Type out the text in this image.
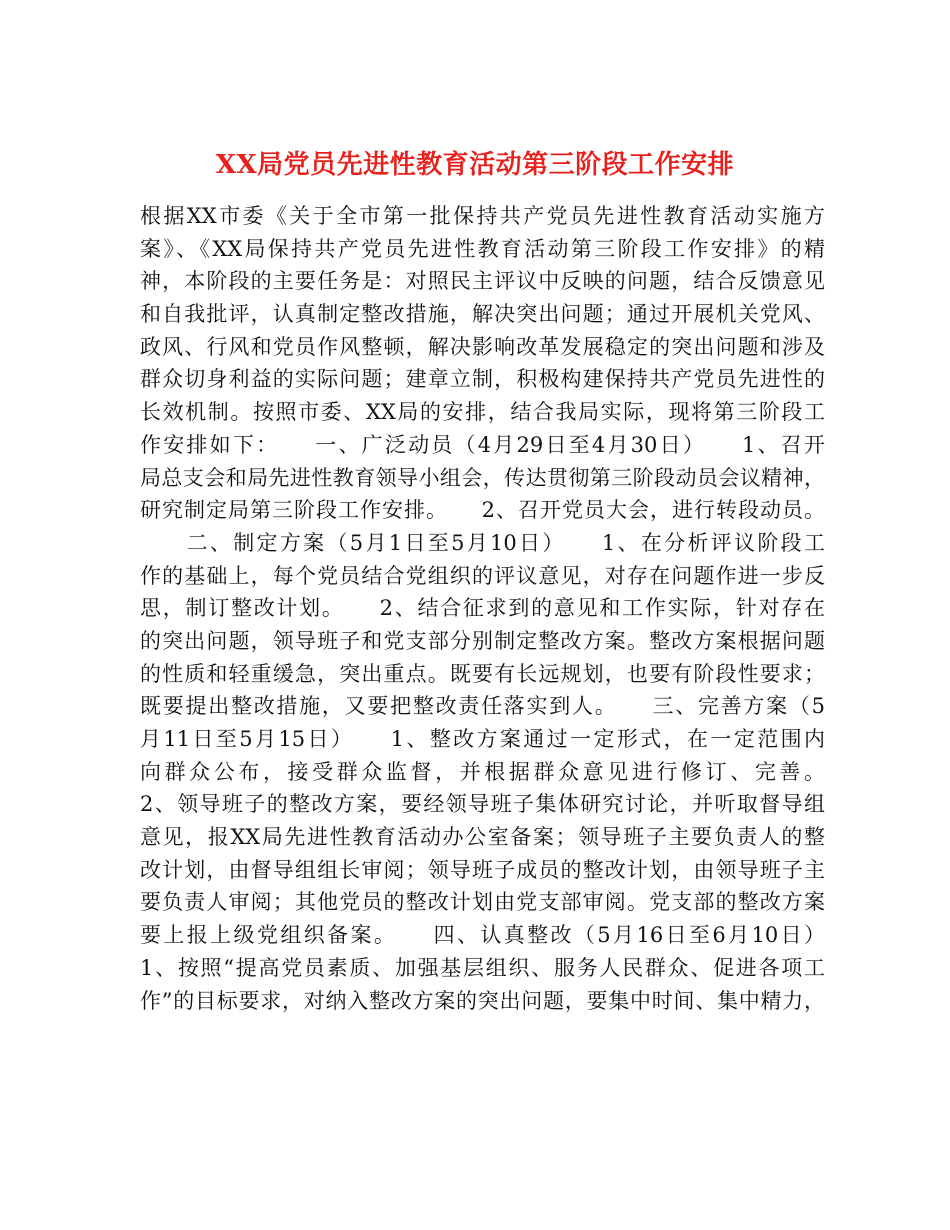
XX局党员先进性教育活动第三阶段工作安排
根据XX市委《关于全市第一批保持共产党员先进性教育活动实施方
案》、《XX局保持共产党员先进性教育活动第三阶段工作安排》的精
神，本阶段的主要任务是：对照民主评议中反映的问题，结合反馈意见
和自我批评，认真制定整改措施，解决突出问题；通过开展机关党风、
政风、行风和党员作风整顿，解决影响改革发展稳定的突出问题和涉及
群众切身利益的实际问题；建章立制，积极构建保持共产党员先进性的
长效机制。按照市委、XX局的安排，结合我局实际，现将第三阶段工
作安排如下：　　一、广泛动员（4月29日至4月30日）　　1、召开
局总支会和局先进性教育领导小组会，传达贯彻第三阶段动员会议精神，
研究制定局第三阶段工作安排。　　2、召开党员大会，进行转段动员。
　　二、制定方案（5月1日至5月10日）　　1、在分析评议阶段工
作的基础上，每个党员结合党组织的评议意见，对存在问题作进一步反
思，制订整改计划。　　2、结合征求到的意见和工作实际，针对存在
的突出问题，领导班子和党支部分别制定整改方案。整改方案根据问题
的性质和轻重缓急，突出重点。既要有长远规划，也要有阶段性要求；
既要提出整改措施，又要把整改责任落实到人。　　三、完善方案（5
月11日至5月15日）　　1、整改方案通过一定形式，在一定范围内
向群众公布，接受群众监督，并根据群众意见进行修订、完善。
2、领导班子的整改方案，要经领导班子集体研究讨论，并听取督导组
意见，报XX局先进性教育活动办公室备案；领导班子主要负责人的整
改计划，由督导组组长审阅；领导班子成员的整改计划，由领导班子主
要负责人审阅；其他党员的整改计划由党支部审阅。党支部的整改方案
要上报上级党组织备案。　　四、认真整改（5月16日至6月10日）
1、按照“提高党员素质、加强基层组织、服务人民群众、促进各项工
作”的目标要求，对纳入整改方案的突出问题，要集中时间、集中精力，
